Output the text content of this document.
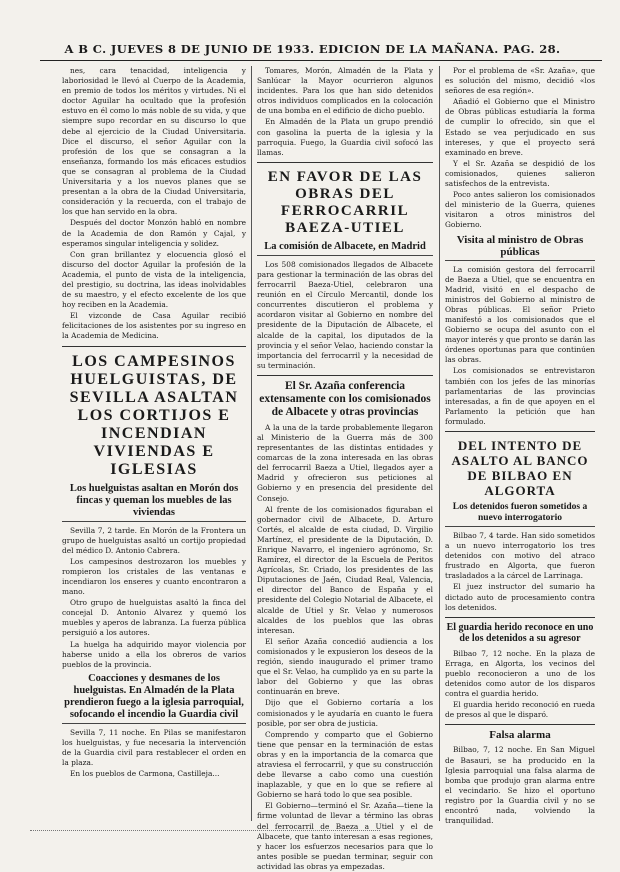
A B C. JUEVES 8 DE JUNIO DE 1933. EDICION DE LA MAÑANA. PAG. 28.

nes, cara tenacidad, inteligencia y laboriosidad le llevó al Cuerpo de la Academia, en premio de todos los méritos y virtudes. Ni el doctor Aguilar ha ocultado que la profesión estuvo en él como lo más noble de su vida, y que siempre supo recordar en su discurso lo que debe al ejercicio de la Ciudad Universitaria. Dice el discurso, el señor Aguilar con la profesión de los que se consagran a la enseñanza, formando los más eficaces estudios que se consagran al problema de la Ciudad Universitaria y a los nuevos planes que se presentan a la obra de la Ciudad Universitaria, consideración y la recuerda, con el trabajo de los que han servido en la obra.

Después del doctor Monzón habló en nombre de la Academia de don Ramón y Cajal, y esperamos singular inteligencia y solidez.

Con gran brillantez y elocuencia glosó el discurso del doctor Aguilar la profesión de la Academia, el punto de vista de la inteligencia, del prestigio, su doctrina, las ideas inolvidables de su maestro, y el efecto excelente de los que hoy reciben en la Academia.

El vizconde de Casa Aguilar recibió felicitaciones de los asistentes por su ingreso en la Academia de Medicina.

LOS CAMPESINOS HUELGUISTAS, DE SEVILLA ASALTAN LOS CORTIJOS E INCENDIAN VIVIENDAS E IGLESIAS
Los huelguistas asaltan en Morón dos fincas y queman los muebles de las viviendas

Sevilla 7, 2 tarde. En Morón de la Frontera un grupo de huelguistas asaltó un cortijo propiedad del médico D. Antonio Cabrera.

Los campesinos destrozaron los muebles y rompieron los cristales de las ventanas e incendiaron los enseres y cuanto encontraron a mano.

Otro grupo de huelguistas asaltó la finca del concejal D. Antonio Alvarez y quemó los muebles y aperos de labranza. La fuerza pública persiguió a los autores.

La huelga ha adquirido mayor violencia por haberse unido a ella los obreros de varios pueblos de la provincia.

Coacciones y desmanes de los huelguistas. En Almadén de la Plata prendieron fuego a la iglesia parroquial, sofocando el incendio la Guardia civil

Sevilla 7, 11 noche. En Pilas se manifestaron los huelguistas, y fue necesaria la intervención de la Guardia civil para restablecer el orden en la plaza.

En los pueblos de Carmona, Castilleja...

Tomares, Morón, Almadén de la Plata y Sanlúcar la Mayor ocurrieron algunos incidentes. Para los que han sido detenidos otros individuos complicados en la colocación de una bomba en el edificio de dicho pueblo.

En Almadén de la Plata un grupo prendió con gasolina la puerta de la iglesia y la parroquia. Fuego, la Guardia civil sofocó las llamas.

EN FAVOR DE LAS OBRAS DEL FERROCARRIL BAEZA-UTIEL
La comisión de Albacete, en Madrid

Los 508 comisionados llegados de Albacete para gestionar la terminación de las obras del ferrocarril Baeza-Utiel, celebraron una reunión en el Círculo Mercantil, donde los concurrentes discutieron el problema y acordaron visitar al Gobierno en nombre del presidente de la Diputación de Albacete, el alcalde de la capital, los diputados de la provincia y el señor Velao, haciendo constar la importancia del ferrocarril y la necesidad de su terminación.

El Sr. Azaña conferencia extensamente con los comisionados de Albacete y otras provincias

A la una de la tarde probablemente llegaron al Ministerio de la Guerra más de 300 representantes de las distintas entidades y comarcas de la zona interesada en las obras del ferrocarril Baeza a Utiel, llegados ayer a Madrid y ofrecieron sus peticiones al Gobierno y en presencia del presidente del Consejo.

Al frente de los comisionados figuraban el gobernador civil de Albacete, D. Arturo Cortés, el alcalde de esta ciudad, D. Virgilio Martínez, el presidente de la Diputación, D. Enrique Navarro, el ingeniero agrónomo, Sr. Ramírez, el director de la Escuela de Peritos Agrícolas, Sr. Criado, los presidentes de las Diputaciones de Jaén, Ciudad Real, Valencia, el director del Banco de España y el presidente del Colegio Notarial de Albacete, el alcalde de Utiel y Sr. Velao y numerosos alcaldes de los pueblos que las obras interesan.

El señor Azaña concedió audiencia a los comisionados y le expusieron los deseos de la región, siendo inaugurado el primer tramo que el Sr. Velao, ha cumplido ya en su parte la labor del Gobierno y que las obras continuarán en breve.

Dijo que el Gobierno cortaría a los comisionados y le ayudaría en cuanto le fuera posible, por ser obra de justicia.

Comprendo y comparto que el Gobierno tiene que pensar en la terminación de estas obras y en la importancia de la comarca que atraviesa el ferrocarril, y que su construcción debe llevarse a cabo como una cuestión inaplazable, y que en lo que se refiere al Gobierno se hará todo lo que sea posible.

El Gobierno—terminó el Sr. Azaña—tiene la firme voluntad de llevar a término las obras del ferrocarril de Baeza a Utiel y el de Albacete, que tanto interesan a esas regiones, y hacer los esfuerzos necesarios para que lo antes posible se puedan terminar, seguir con actividad las obras ya empezadas.

Por el problema de «Sr. Azaña», que es solución del mismo, decidió «los señores de esa región».

Añadió el Gobierno que el Ministro de Obras públicas estudiaría la forma de cumplir lo ofrecido, sin que el Estado se vea perjudicado en sus intereses, y que el proyecto será examinado en breve.

Y el Sr. Azaña se despidió de los comisionados, quienes salieron satisfechos de la entrevista.

Poco antes salieron los comisionados del ministerio de la Guerra, quienes visitaron a otros ministros del Gobierno.

Visita al ministro de Obras públicas

La comisión gestora del ferrocarril de Baeza a Utiel, que se encuentra en Madrid, visitó en el despacho de ministros del Gobierno al ministro de Obras públicas. El señor Prieto manifestó a los comisionados que el Gobierno se ocupa del asunto con el mayor interés y que pronto se darán las órdenes oportunas para que continúen las obras.

Los comisionados se entrevistaron también con los jefes de las minorías parlamentarias de las provincias interesadas, a fin de que apoyen en el Parlamento la petición que han formulado.

DEL INTENTO DE ASALTO AL BANCO DE BILBAO EN ALGORTA
Los detenidos fueron sometidos a nuevo interrogatorio

Bilbao 7, 4 tarde. Han sido sometidos a un nuevo interrogatorio los tres detenidos con motivo del atraco frustrado en Algorta, que fueron trasladados a la cárcel de Larrinaga.

El juez instructor del sumario ha dictado auto de procesamiento contra los detenidos.

El guardia herido reconoce en uno de los detenidos a su agresor

Bilbao 7, 12 noche. En la plaza de Erraga, en Algorta, los vecinos del pueblo reconocieron a uno de los detenidos como autor de los disparos contra el guardia herido.

El guardia herido reconoció en rueda de presos al que le disparó.

Falsa alarma

Bilbao, 7, 12 noche. En San Miguel de Basauri, se ha producido en la Iglesia parroquial una falsa alarma de bomba que produjo gran alarma entre el vecindario. Se hizo el oportuno registro por la Guardia civil y no se encontró nada, volviendo la tranquilidad.
